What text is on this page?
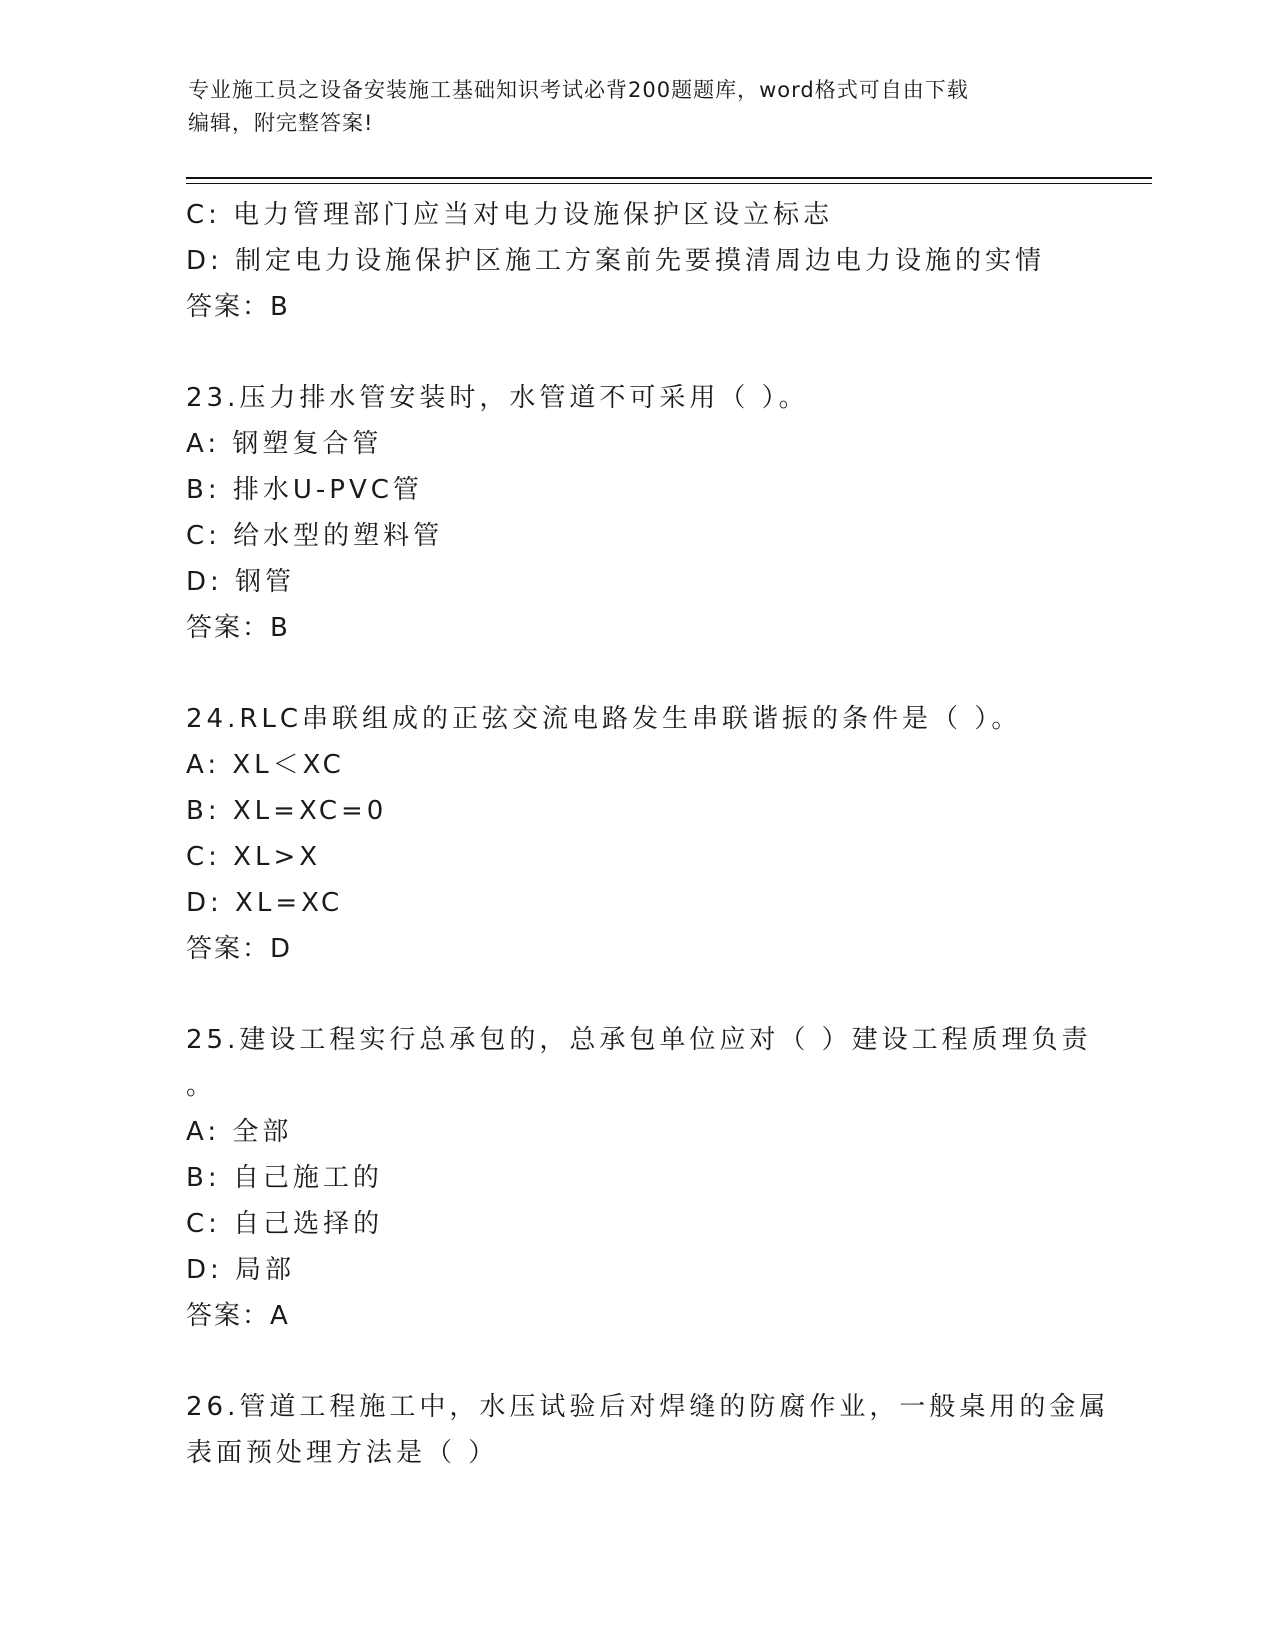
专业施工员之设备安装施工基础知识考试必背200题题库，word格式可自由下载
编辑，附完整答案!
C: 电力管理部门应当对电力设施保护区设立标志
D: 制定电力设施保护区施工方案前先要摸清周边电力设施的实情
答案：B
23.压力排水管安装时，水管道不可采用（ ）。
A: 钢塑复合管
B: 排水U-PVC管
C: 给水型的塑料管
D: 钢管
答案：B
24.RLC串联组成的正弦交流电路发生串联谐振的条件是（ ）。
A: XL＜XC
B: XL=XC=0
C: XL>X
D: XL=XC
答案：D
25.建设工程实行总承包的，总承包单位应对（ ）建设工程质理负责
。
A: 全部
B: 自己施工的
C: 自己选择的
D: 局部
答案：A
26.管道工程施工中，水压试验后对焊缝的防腐作业，一般桌用的金属
表面预处理方法是（ ）
